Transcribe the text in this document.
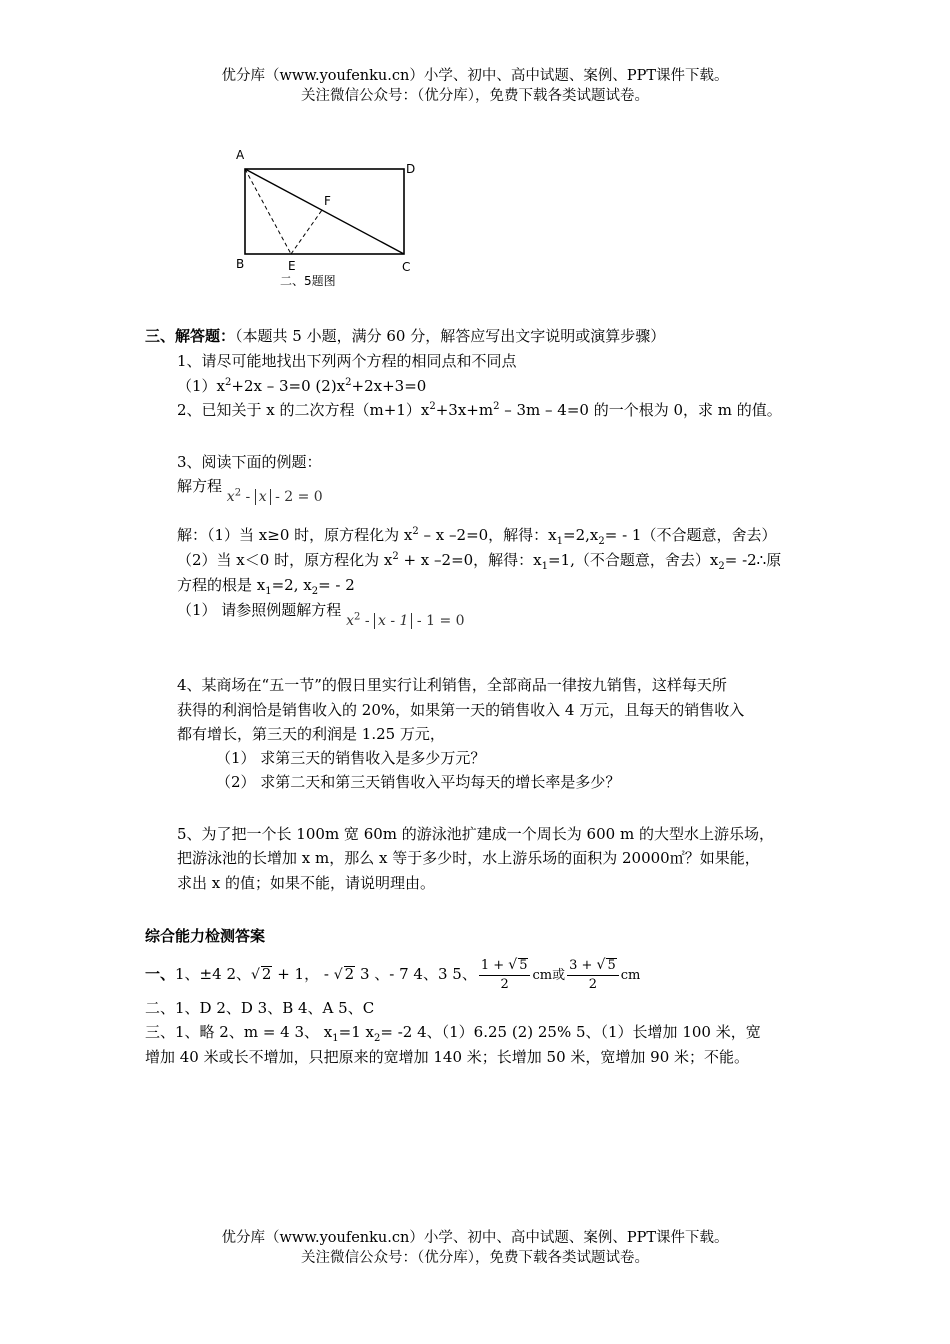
优分库（www.youfenku.cn）小学、初中、高中试题、案例、PPT课件下载。
关注微信公众号：（优分库），免费下载各类试题试卷。
A
D
F
B	E	C
二、5题图
三、解答题：（本题共 5 小题，满分 60 分，解答应写出文字说明或演算步骤）
1、请尽可能地找出下列两个方程的相同点和不同点
$(1)x^2+2x - 3=0$ $(2)x^2+2x+3=0$
2、已知关于 x 的二次方程$(m+1)x^2+3x+m^2 - 3m - 4=0$ 的一个根为 0，求 m 的值。
3、阅读下面的例题：
解方程 $x^2 - x - 2 = 0$
解：（1）当 x≥0 时，原方程化为 $x^2$ – x –2=0，解得：$x_1=2,x_2= - 1$（不合题意，舍去）
（2）当 x＜0 时，原方程化为 $x^2 + x$ –2=0，解得：$x_1=1$,（不合题意，舍去）$x_2=$ -2∴原
方程的根是 $x_1=2$, $x_2= - 2$
（1） 请参照例题解方程 $x^2 - x - 1 - 1 = 0$
4、某商场在“五一节”的假日里实行让利销售，全部商品一律按九销售，这样每天所
获得的利润恰是销售收入的 20%，如果第一天的销售收入 4 万元，且每天的销售收入
都有增长，第三天的利润是 1.25 万元，
（1） 求第三天的销售收入是多少万元？
（2） 求第二天和第三天销售收入平均每天的增长率是多少？
5、为了把一个长 100m 宽 60m 的游泳池扩建成一个周长为 600 m 的大型水上游乐场，
把游泳池的长增加 x m，那么 x 等于多少时，水上游乐场的面积为 20000㎡？如果能，
求出 x 的值；如果不能，请说明理由。
综合能力检测答案
一、1、±4 2、√ 2 + 1， - √ 2 3 、- 7 4、3 5、 $\frac{1 + √ 5}{2}$ cm或 $\frac{3 + √ 5}{2}$ cm
二、1、D 2、D 3、B 4、A 5、C
三、1、略 2、m = 4 3、 $x_1=1$ $x_2= -2$ 4、（1）6.25 (2) 25% 5、（1）长增加 100 米，宽
增加 40 米或长不增加，只把原来的宽增加 140 米；长增加 50 米，宽增加 90 米；不能。
优分库（www.youfenku.cn）小学、初中、高中试题、案例、PPT课件下载。
关注微信公众号：（优分库），免费下载各类试题试卷。
